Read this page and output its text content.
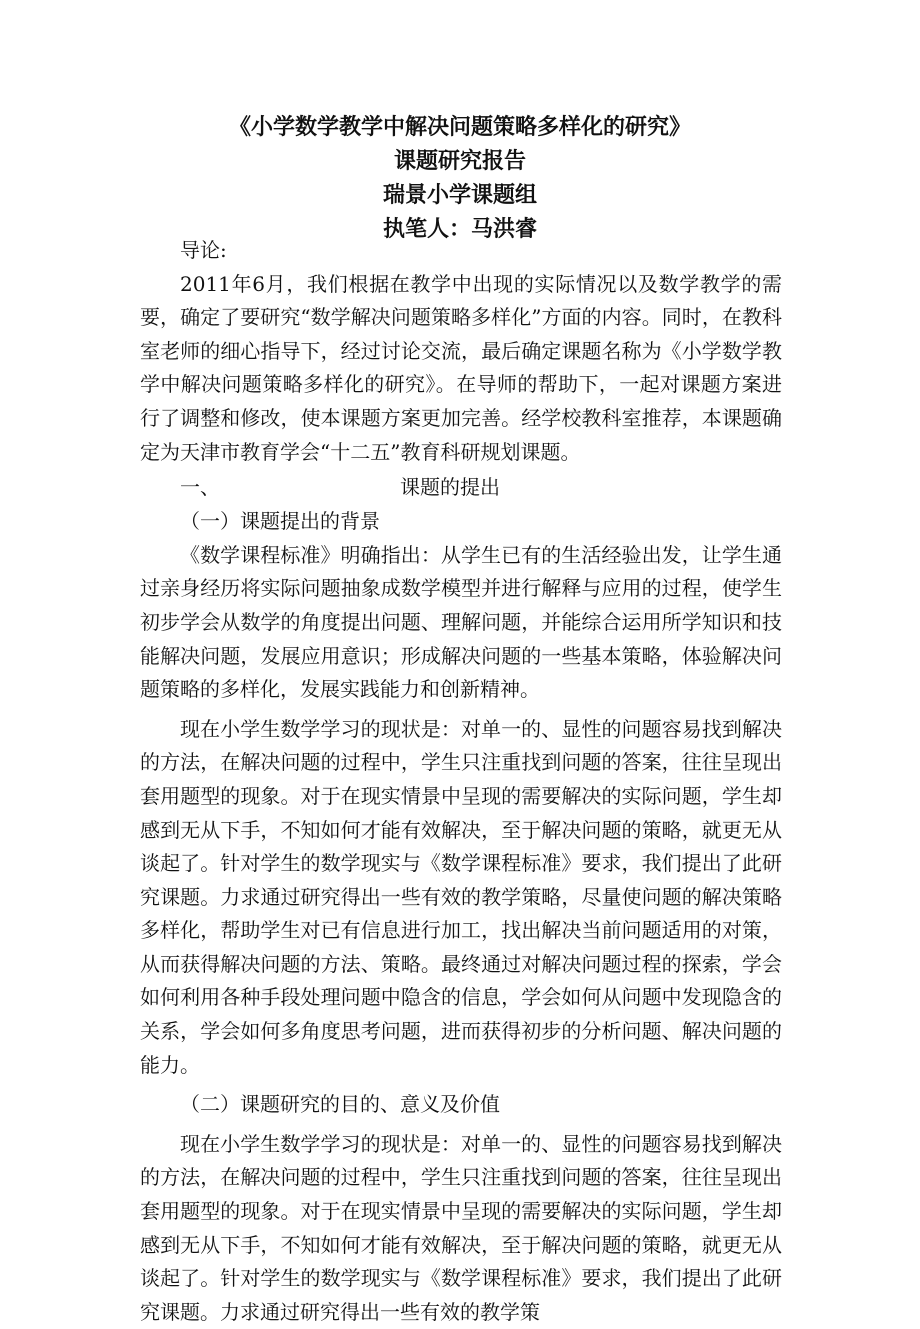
《小学数学教学中解决问题策略多样化的研究》
课题研究报告
瑞景小学课题组
执笔人：马洪睿

导论:

2011年6月，我们根据在教学中出现的实际情况以及数学教学的需要，确定了要研究“数学解决问题策略多样化”方面的内容。同时，在教科室老师的细心指导下，经过讨论交流，最后确定课题名称为《小学数学教学中解决问题策略多样化的研究》。在导师的帮助下，一起对课题方案进行了调整和修改，使本课题方案更加完善。经学校教科室推荐，本课题确定为天津市教育学会“十二五”教育科研规划课题。

一、	课题的提出

（一）课题提出的背景

《数学课程标准》明确指出：从学生已有的生活经验出发，让学生通过亲身经历将实际问题抽象成数学模型并进行解释与应用的过程，使学生初步学会从数学的角度提出问题、理解问题，并能综合运用所学知识和技能解决问题，发展应用意识；形成解决问题的一些基本策略，体验解决问题策略的多样化，发展实践能力和创新精神。

现在小学生数学学习的现状是：对单一的、显性的问题容易找到解决的方法，在解决问题的过程中，学生只注重找到问题的答案，往往呈现出套用题型的现象。对于在现实情景中呈现的需要解决的实际问题，学生却感到无从下手，不知如何才能有效解决，至于解决问题的策略，就更无从谈起了。针对学生的数学现实与《数学课程标准》要求，我们提出了此研究课题。力求通过研究得出一些有效的教学策略，尽量使问题的解决策略多样化，帮助学生对已有信息进行加工，找出解决当前问题适用的对策，从而获得解决问题的方法、策略。最终通过对解决问题过程的探索，学会如何利用各种手段处理问题中隐含的信息，学会如何从问题中发现隐含的关系，学会如何多角度思考问题，进而获得初步的分析问题、解决问题的能力。

（二）课题研究的目的、意义及价值

现在小学生数学学习的现状是：对单一的、显性的问题容易找到解决的方法，在解决问题的过程中，学生只注重找到问题的答案，往往呈现出套用题型的现象。对于在现实情景中呈现的需要解决的实际问题，学生却感到无从下手，不知如何才能有效解决，至于解决问题的策略，就更无从谈起了。针对学生的数学现实与《数学课程标准》要求，我们提出了此研究课题。力求通过研究得出一些有效的教学策
